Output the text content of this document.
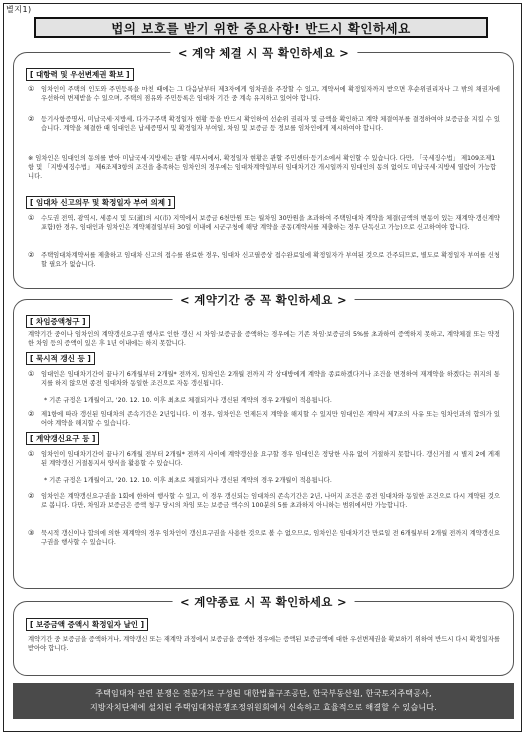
별지1)
법의 보호를 받기 위한 중요사항! 반드시 확인하세요
< 계약 체결 시 꼭 확인하세요 >
[ 대항력 및 우선변제권 확보 ]
①	임차인이 주택의 인도와 주민등록을 마친 때에는 그 다음날부터 제3자에게 임차권을 주장할 수 있고, 계약서에 확정일자까지 받으면 후순위권리자나 그 밖의 채권자에 우선하여 변제받을 수 있으며, 주택의 점유와 주민등록은 임대차 기간 중 계속 유지하고 있어야 합니다.
②	등기사항증명서, 미납국세·지방세, 다가구주택 확정일자 현황 등을 반드시 확인하여 선순위 권리자 및 금액을 확인하고 계약 체결여부를 결정하여야 보증금을 지킬 수 있습니다. 계약을 체결한 때 임대인은 납세증명서 및 확정일자 부여일, 차임 및 보증금 등 정보를 임차인에게 제시하여야 합니다.
※ 임차인은 임대인의 동의를 받아 미납국세·지방세는 관할 세무서에서, 확정일자 현황은 관할 주민센터·등기소에서 확인할 수 있습니다. 다만, 「국세징수법」 제109조제1항 및 「지방세징수법」 제6조제3항의 조건을 충족하는 임차인의 경우에는 임대차계약일부터 임대차기간 개시일까지 임대인의 동의 없이도 미납국세·지방세 열람이 가능합니다.
[ 임대차 신고의무 및 확정일자 부여 의제 ]
①	수도권 전역, 광역시, 세종시 및 도(道)의 시(市) 지역에서 보증금 6천만원 또는 월차임 30만원을 초과하여 주택임대차 계약을 체결(금액의 변동이 있는 재계약·갱신계약 포함)한 경우, 임대인과 임차인은 계약체결일부터 30일 이내에 시군구청에 해당 계약을 공동(계약서를 제출하는 경우 단독신고 가능)으로 신고하여야 합니다.
②	주택임대차계약서를 제출하고 임대차 신고의 접수를 완료한 경우, 임대차 신고필증상 접수완료일에 확정일자가 부여된 것으로 간주되므로, 별도로 확정일자 부여를 신청할 필요가 없습니다.
< 계약기간 중 꼭 확인하세요 >
[ 차임증액청구 ]
계약기간 중이나 임차인의 계약갱신요구권 행사로 인한 갱신 시 차임·보증금을 증액하는 경우에는 기존 차임·보증금의 5%를 초과하여 증액하지 못하고, 계약체결 또는 약정한 차임 등의 증액이 있은 후 1년 이내에는 하지 못합니다.
[ 묵시적 갱신 등 ]
①	임대인은 임대차기간이 끝나기 6개월부터 2개월* 전까지, 임차인은 2개월 전까지 각 상대방에게 계약을 종료하겠다거나 조건을 변경하여 재계약을 하겠다는 취지의 통지를 하지 않으면 종전 임대차와 동일한 조건으로 자동 갱신됩니다.
* 기존 규정은 1개월이고, '20. 12. 10. 이후 최초로 체결되거나 갱신된 계약의 경우 2개월이 적용됩니다.
②	제1항에 따라 갱신된 임대차의 존속기간은 2년입니다. 이 경우, 임차인은 언제든지 계약을 해지할 수 있지만 임대인은 계약서 제7조의 사유 또는 임차인과의 합의가 있어야 계약을 해지할 수 있습니다.
[ 계약갱신요구 등 ]
①	임차인이 임대차기간이 끝나기 6개월 전부터 2개월* 전까지 사이에 계약갱신을 요구할 경우 임대인은 정당한 사유 없이 거절하지 못합니다. 갱신거절 시 별지 2에 게재된 계약갱신 거절통지서 양식을 활용할 수 있습니다.
* 기존 규정은 1개월이고, '20. 12. 10. 이후 최초로 체결되거나 갱신된 계약의 경우 2개월이 적용됩니다.
②	임차인은 계약갱신요구권을 1회에 한하여 행사할 수 있고, 이 경우 갱신되는 임대차의 존속기간은 2년, 나머지 조건은 종전 임대차와 동일한 조건으로 다시 계약된 것으로 봅니다. 다만, 차임과 보증금은 증액 청구 당시의 차임 또는 보증금 액수의 100분의 5를 초과하지 아니하는 범위에서만 가능합니다.
③	묵시적 갱신이나 합의에 의한 재계약의 경우 임차인이 갱신요구권을 사용한 것으로 볼 수 없으므로, 임차인은 임대차기간 만료일 전 6개월부터 2개월 전까지 계약갱신요구권을 행사할 수 있습니다.
< 계약종료 시 꼭 확인하세요 >
[ 보증금액 증액시 확정일자 날인 ]
계약기간 중 보증금을 증액하거나, 계약갱신 또는 재계약 과정에서 보증금을 증액한 경우에는 증액된 보증금액에 대한 우선변제권을 확보하기 위하여 반드시 다시 확정일자를 받아야 합니다.
주택임대차 관련 분쟁은 전문가로 구성된 대한법률구조공단, 한국부동산원, 한국토지주택공사,
지방자치단체에 설치된 주택임대차분쟁조정위원회에서 신속하고 효율적으로 해결할 수 있습니다.
